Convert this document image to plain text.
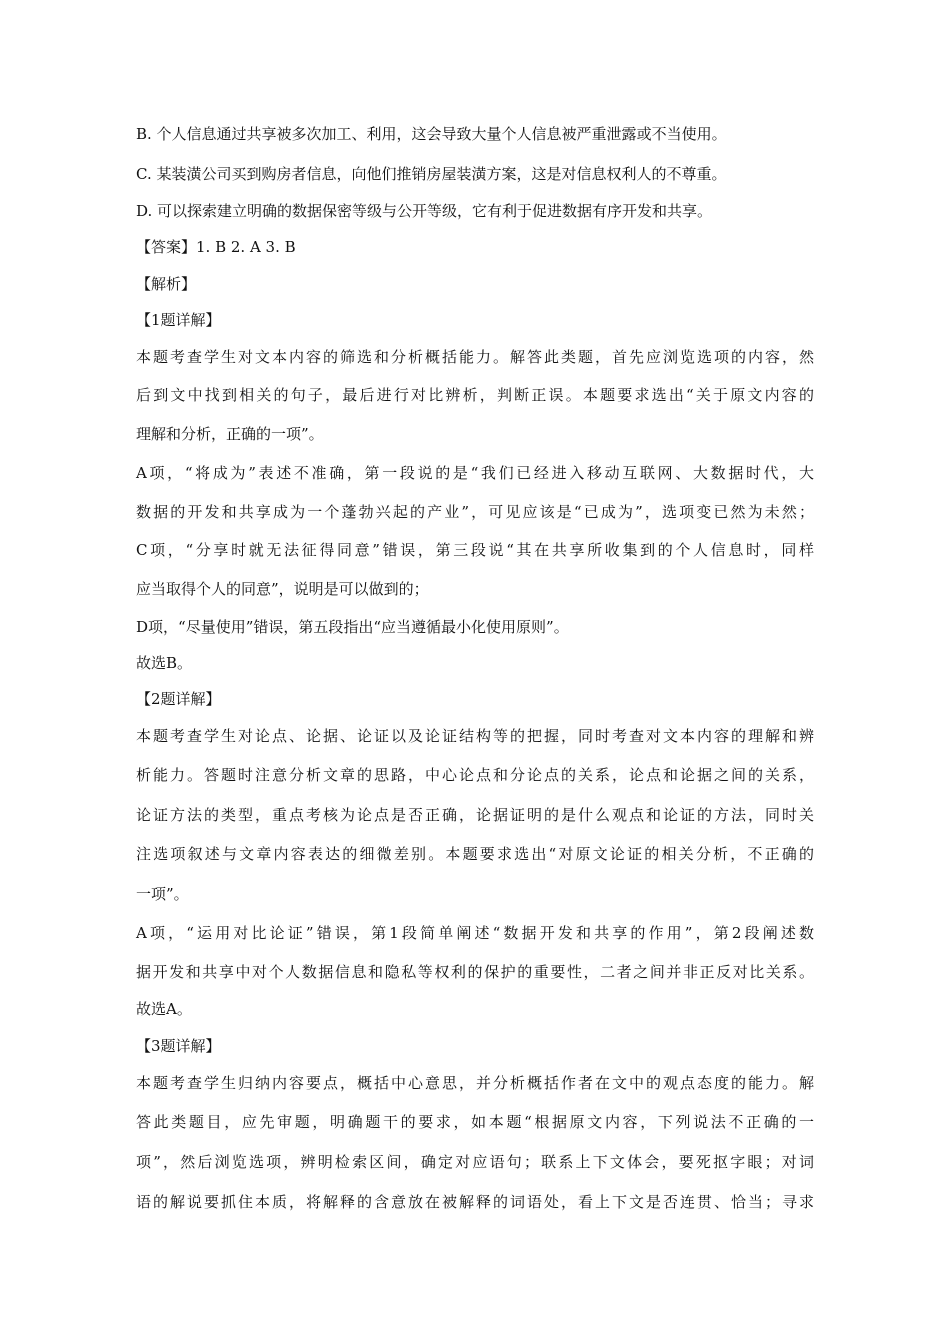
B. 个人信息通过共享被多次加工、利用，这会导致大量个人信息被严重泄露或不当使用。
C. 某装潢公司买到购房者信息，向他们推销房屋装潢方案，这是对信息权利人的不尊重。
D. 可以探索建立明确的数据保密等级与公开等级，它有利于促进数据有序开发和共享。
【答案】1. B 2. A 3. B
【解析】
【1题详解】
本题考查学生对文本内容的筛选和分析概括能力。解答此类题，首先应浏览选项的内容，然
后到文中找到相关的句子，最后进行对比辨析，判断正误。本题要求选出“关于原文内容的
理解和分析，正确的一项”。
A项，“将成为”表述不准确，第一段说的是“我们已经进入移动互联网、大数据时代，大
数据的开发和共享成为一个蓬勃兴起的产业”，可见应该是“已成为”，选项变已然为未然；
C项，“分享时就无法征得同意”错误，第三段说“其在共享所收集到的个人信息时，同样
应当取得个人的同意”，说明是可以做到的；
D项，“尽量使用”错误，第五段指出“应当遵循最小化使用原则”。
故选B。
【2题详解】
本题考查学生对论点、论据、论证以及论证结构等的把握，同时考查对文本内容的理解和辨
析能力。答题时注意分析文章的思路，中心论点和分论点的关系，论点和论据之间的关系，
论证方法的类型，重点考核为论点是否正确，论据证明的是什么观点和论证的方法，同时关
注选项叙述与文章内容表达的细微差别。本题要求选出“对原文论证的相关分析，不正确的
一项”。
A项，“运用对比论证”错误，第1段简单阐述“数据开发和共享的作用”，第2段阐述数
据开发和共享中对个人数据信息和隐私等权利的保护的重要性，二者之间并非正反对比关系。
故选A。
【3题详解】
本题考查学生归纳内容要点，概括中心意思，并分析概括作者在文中的观点态度的能力。解
答此类题目，应先审题，明确题干的要求，如本题“根据原文内容，下列说法不正确的一
项”，然后浏览选项，辨明检索区间，确定对应语句；联系上下文体会，要死抠字眼；对词
语的解说要抓住本质，将解释的含意放在被解释的词语处，看上下文是否连贯、恰当；寻求
